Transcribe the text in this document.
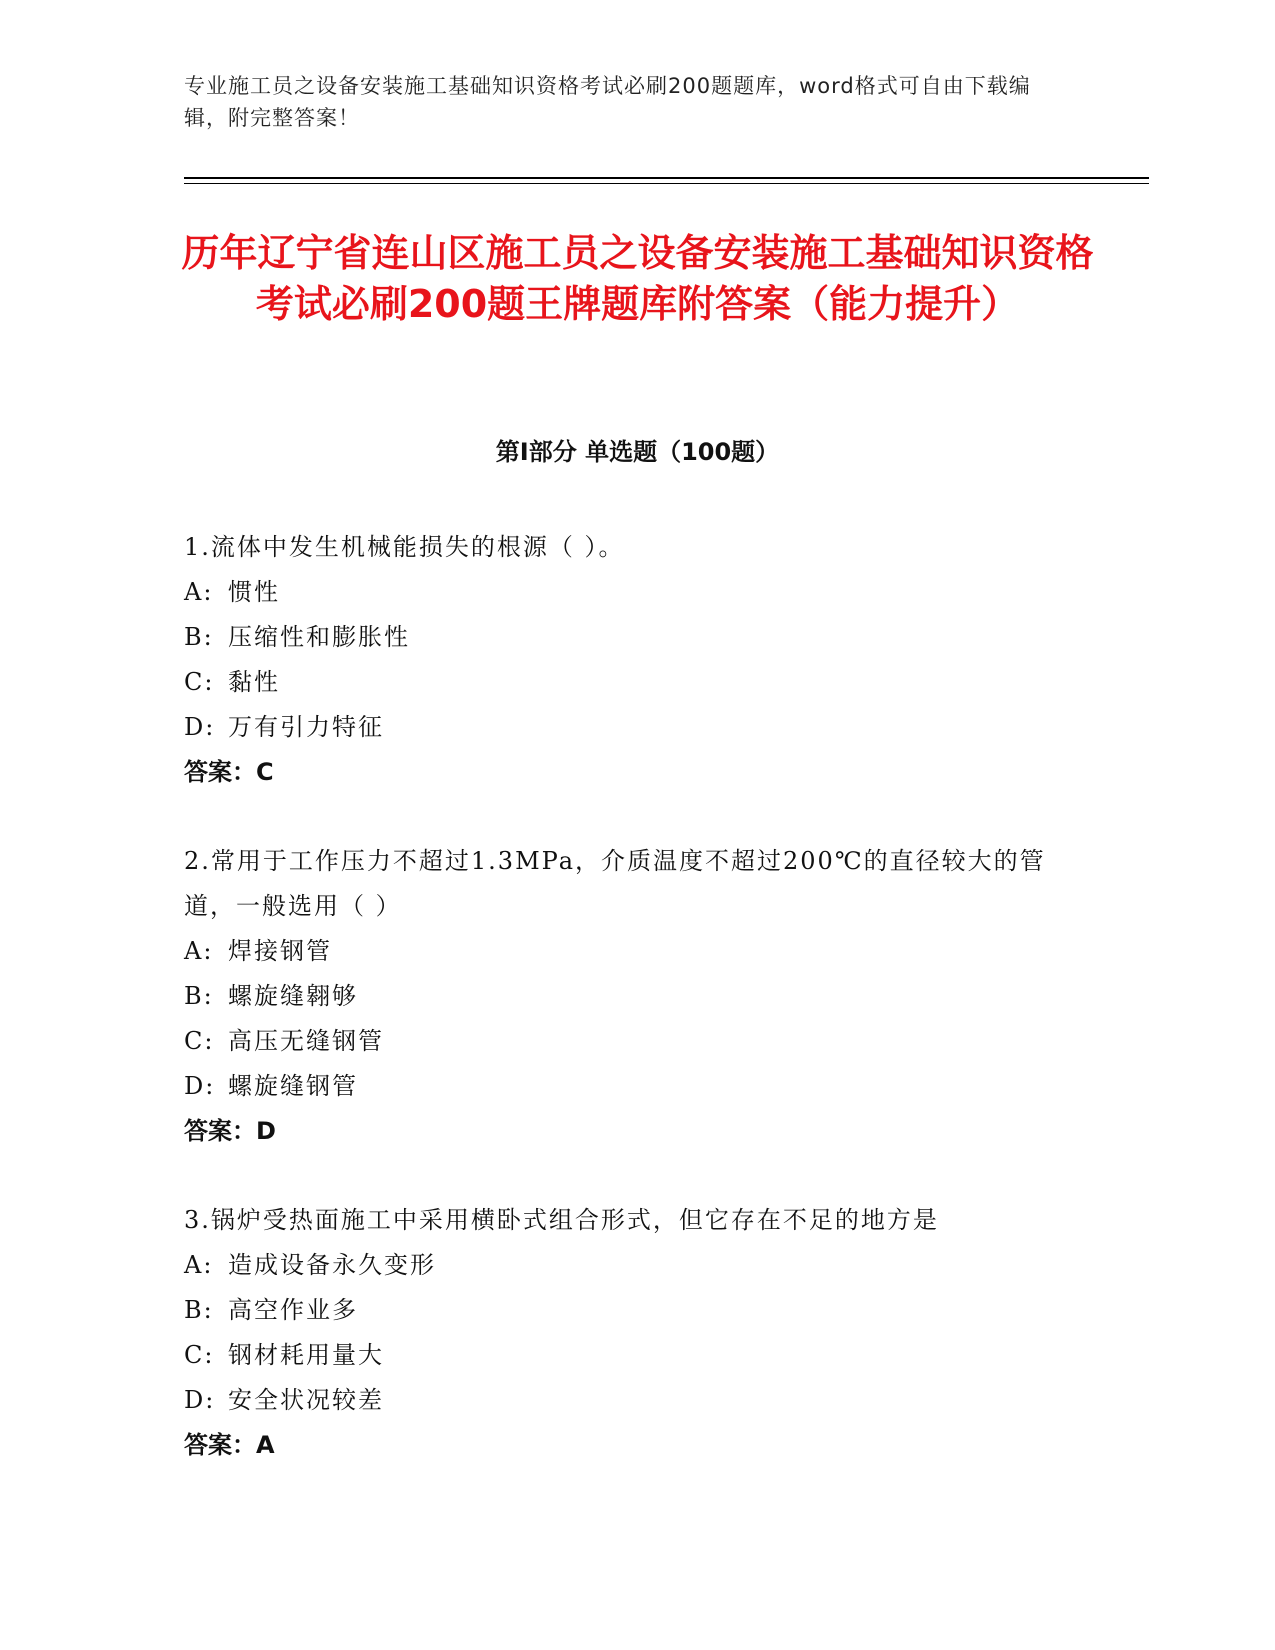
专业施工员之设备安装施工基础知识资格考试必刷200题题库，word格式可自由下载编辑，附完整答案！
历年辽宁省连山区施工员之设备安装施工基础知识资格考试必刷200题王牌题库附答案（能力提升）
第Ⅰ部分 单选题（100题）
1.流体中发生机械能损失的根源（ ）。
A: 惯性
B: 压缩性和膨胀性
C: 黏性
D: 万有引力特征
答案：C
2.常用于工作压力不超过1.3MPa，介质温度不超过200℃的直径较大的管道，一般选用（ ）
A: 焊接钢管
B: 螺旋缝翱够
C: 高压无缝钢管
D: 螺旋缝钢管
答案：D
3.锅炉受热面施工中采用横卧式组合形式，但它存在不足的地方是
A: 造成设备永久变形
B: 高空作业多
C: 钢材耗用量大
D: 安全状况较差
答案：A
